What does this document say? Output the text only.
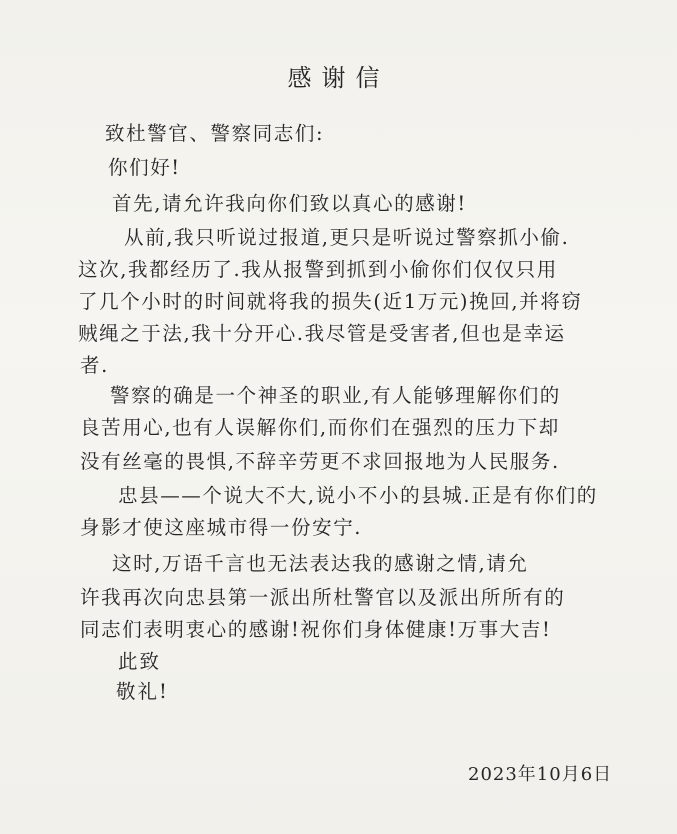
感谢信
致杜警官、警察同志们:
你们好!
首先,请允许我向你们致以真心的感谢!
从前,我只听说过报道,更只是听说过警察抓小偷.
这次,我都经历了.我从报警到抓到小偷你们仅仅只用
了几个小时的时间就将我的损失(近1万元)挽回,并将窃
贼绳之于法,我十分开心.我尽管是受害者,但也是幸运
者.
警察的确是一个神圣的职业,有人能够理解你们的
良苦用心,也有人误解你们,而你们在强烈的压力下却
没有丝毫的畏惧,不辞辛劳更不求回报地为人民服务.
忠县——个说大不大,说小不小的县城.正是有你们的
身影才使这座城市得一份安宁.
这时,万语千言也无法表达我的感谢之情,请允
许我再次向忠县第一派出所杜警官以及派出所所有的
同志们表明衷心的感谢!祝你们身体健康!万事大吉!
此致
敬礼!
2023年10月6日
